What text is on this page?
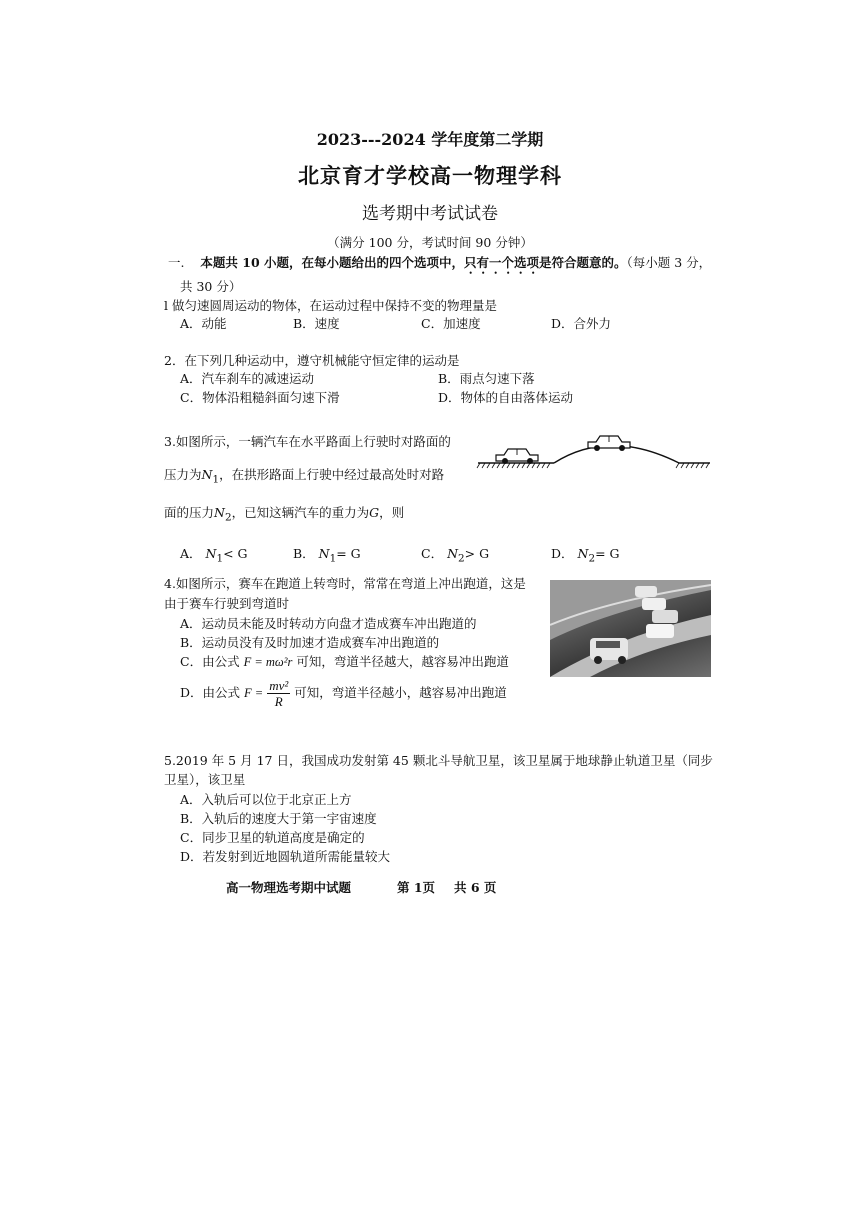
2023---2024 学年度第二学期
北京育才学校高一物理学科
选考期中考试试卷
（满分 100 分，考试时间 90 分钟）
一. 本题共 10 小题，在每小题给出的四个选项中，只有一个选项是符合题意的。（每小题 3 分，
共 30 分）
l 做匀速圆周运动的物体，在运动过程中保持不变的物理量是
A．动能	B．速度	C．加速度	D．合外力
2．在下列几种运动中，遵守机械能守恒定律的运动是
A．汽车刹车的减速运动	B．雨点匀速下落
C．物体沿粗糙斜面匀速下滑	D．物体的自由落体运动
3.如图所示，一辆汽车在水平路面上行驶时对路面的
压力为$N_1$，在拱形路面上行驶中经过最高处时对路
面的压力$N_2$，已知这辆汽车的重力为G，则
A． $N_1< G$	B． $N_1= G$	C． $N_2> G$	D． $N_2= G$
4.如图所示，赛车在跑道上转弯时，常常在弯道上冲出跑道，这是
由于赛车行驶到弯道时
A．运动员未能及时转动方向盘才造成赛车冲出跑道的
B．运动员没有及时加速才造成赛车冲出跑道的
C．由公式 F = mω²r 可知，弯道半径越大，越容易冲出跑道
D．由公式 $F = \frac{\text{mv²}}{R}$ 可知，弯道半径越小，越容易冲出跑道
5.2019 年 5 月 17 日，我国成功发射第 45 颗北斗导航卫星，该卫星属于地球静止轨道卫星（同步
卫星），该卫星
A．入轨后可以位于北京正上方
B．入轨后的速度大于第一宇宙速度
C．同步卫星的轨道高度是确定的
D．若发射到近地圆轨道所需能量较大
高一物理选考期中试题	第 1页 共 6 页
